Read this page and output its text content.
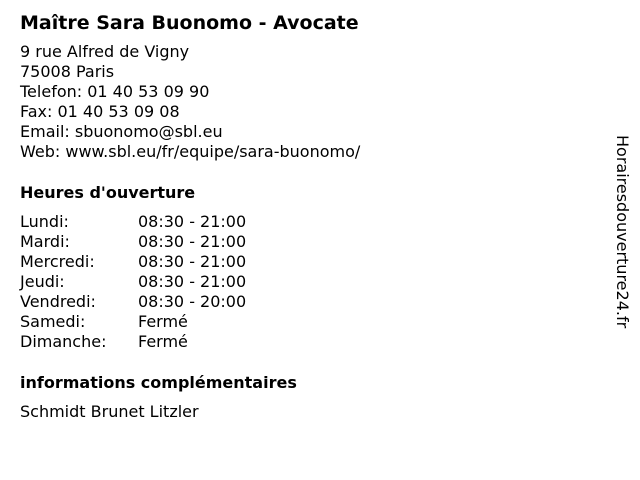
Maître Sara Buonomo - Avocate
9 rue Alfred de Vigny
75008 Paris
Telefon: 01 40 53 09 90
Fax: 01 40 53 09 08
Email: sbuonomo@sbl.eu
Web: www.sbl.eu/fr/equipe/sara-buonomo/
Heures d'ouverture
Lundi:	08:30 - 21:00
Mardi:	08:30 - 21:00
Mercredi:	08:30 - 21:00
Jeudi:	08:30 - 21:00
Vendredi:	08:30 - 20:00
Samedi:	Fermé
Dimanche:	Fermé
informations complémentaires
Schmidt Brunet Litzler
Horairesdouverture24.fr
